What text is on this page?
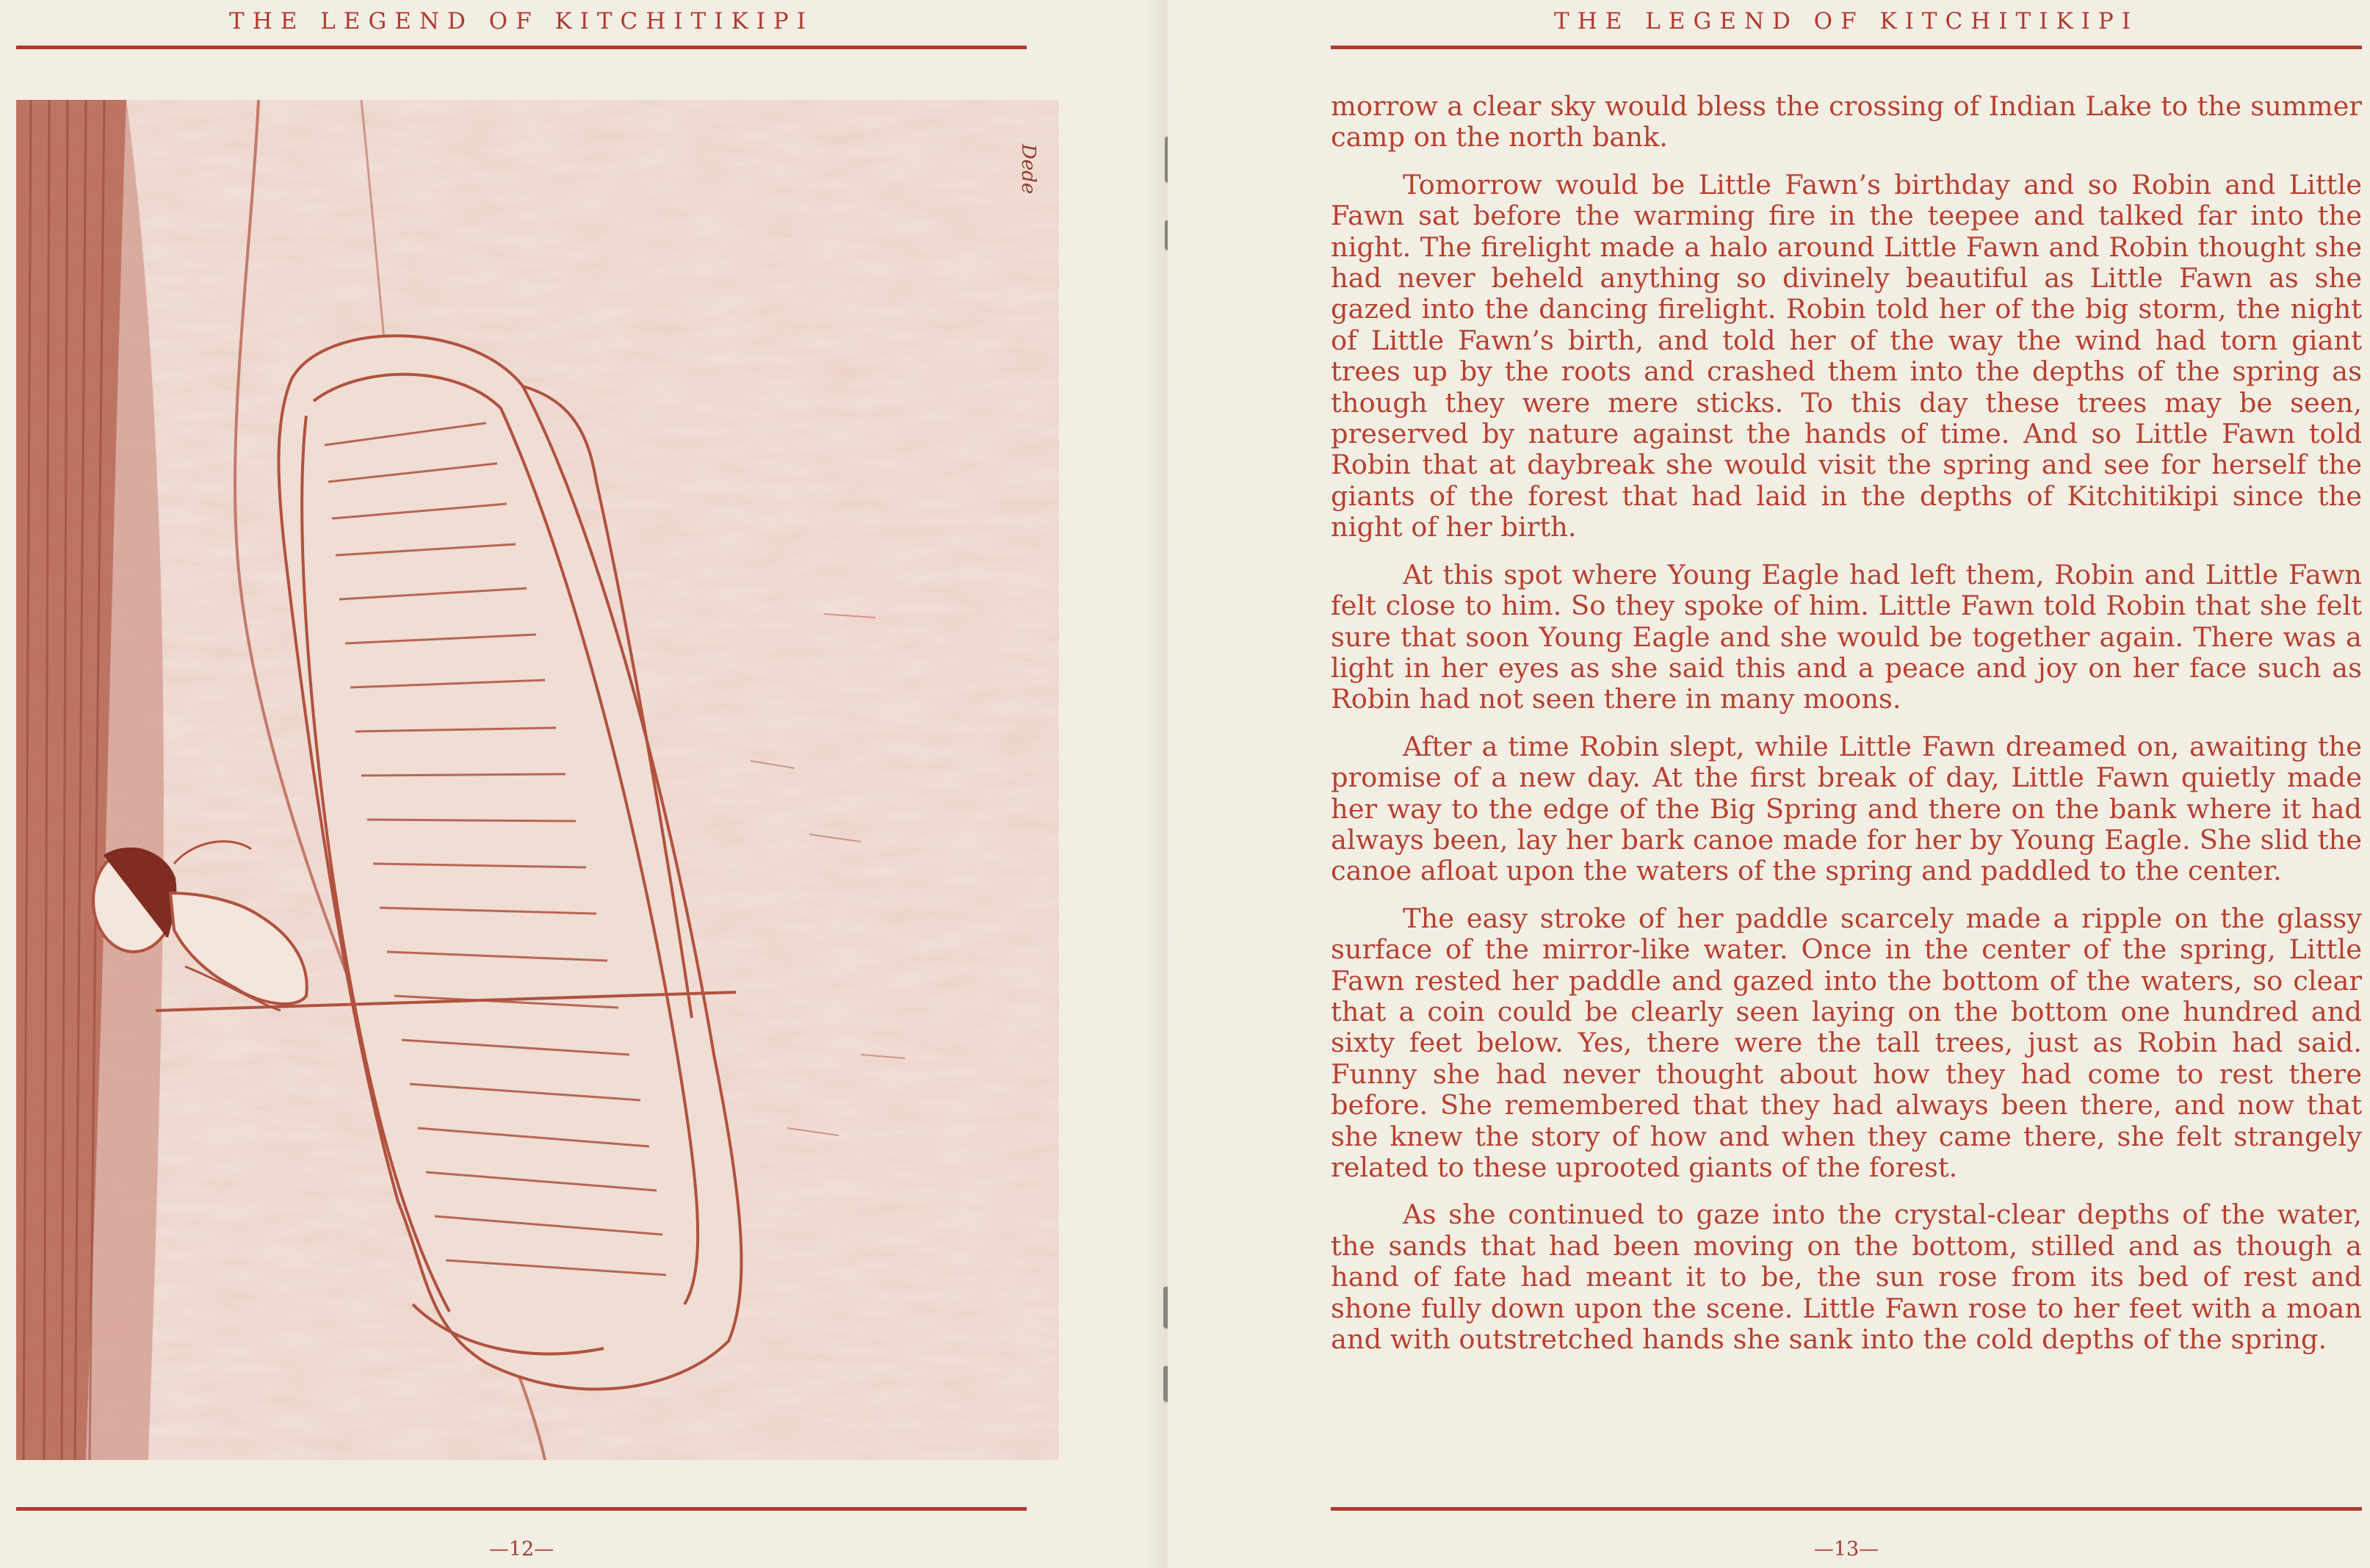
THE LEGEND OF KITCHITIKIPI
Dede
—12—
THE LEGEND OF KITCHITIKIPI
—13—

morrow a clear sky would bless the crossing of Indian Lake to the summer camp on the north bank.

Tomorrow would be Little Fawn’s birthday and so Robin and Little Fawn sat before the warming fire in the teepee and talked far into the night. The firelight made a halo around Little Fawn and Robin thought she had never beheld anything so divinely beautiful as Little Fawn as she gazed into the dancing firelight. Robin told her of the big storm, the night of Little Fawn’s birth, and told her of the way the wind had torn giant trees up by the roots and crashed them into the depths of the spring as though they were mere sticks. To this day these trees may be seen, preserved by nature against the hands of time. And so Little Fawn told Robin that at daybreak she would visit the spring and see for herself the giants of the forest that had laid in the depths of Kitchitikipi since the night of her birth.

At this spot where Young Eagle had left them, Robin and Little Fawn felt close to him. So they spoke of him. Little Fawn told Robin that she felt sure that soon Young Eagle and she would be together again. There was a light in her eyes as she said this and a peace and joy on her face such as Robin had not seen there in many moons.

After a time Robin slept, while Little Fawn dreamed on, awaiting the promise of a new day. At the first break of day, Little Fawn quietly made her way to the edge of the Big Spring and there on the bank where it had always been, lay her bark canoe made for her by Young Eagle. She slid the canoe afloat upon the waters of the spring and paddled to the center.

The easy stroke of her paddle scarcely made a ripple on the glassy surface of the mirror-like water. Once in the center of the spring, Little Fawn rested her paddle and gazed into the bottom of the waters, so clear that a coin could be clearly seen laying on the bottom one hundred and sixty feet below. Yes, there were the tall trees, just as Robin had said. Funny she had never thought about how they had come to rest there before. She remembered that they had always been there, and now that she knew the story of how and when they came there, she felt strangely related to these uprooted giants of the forest.

As she continued to gaze into the crystal-clear depths of the water, the sands that had been moving on the bottom, stilled and as though a hand of fate had meant it to be, the sun rose from its bed of rest and shone fully down upon the scene. Little Fawn rose to her feet with a moan and with outstretched hands she sank into the cold depths of the spring.
